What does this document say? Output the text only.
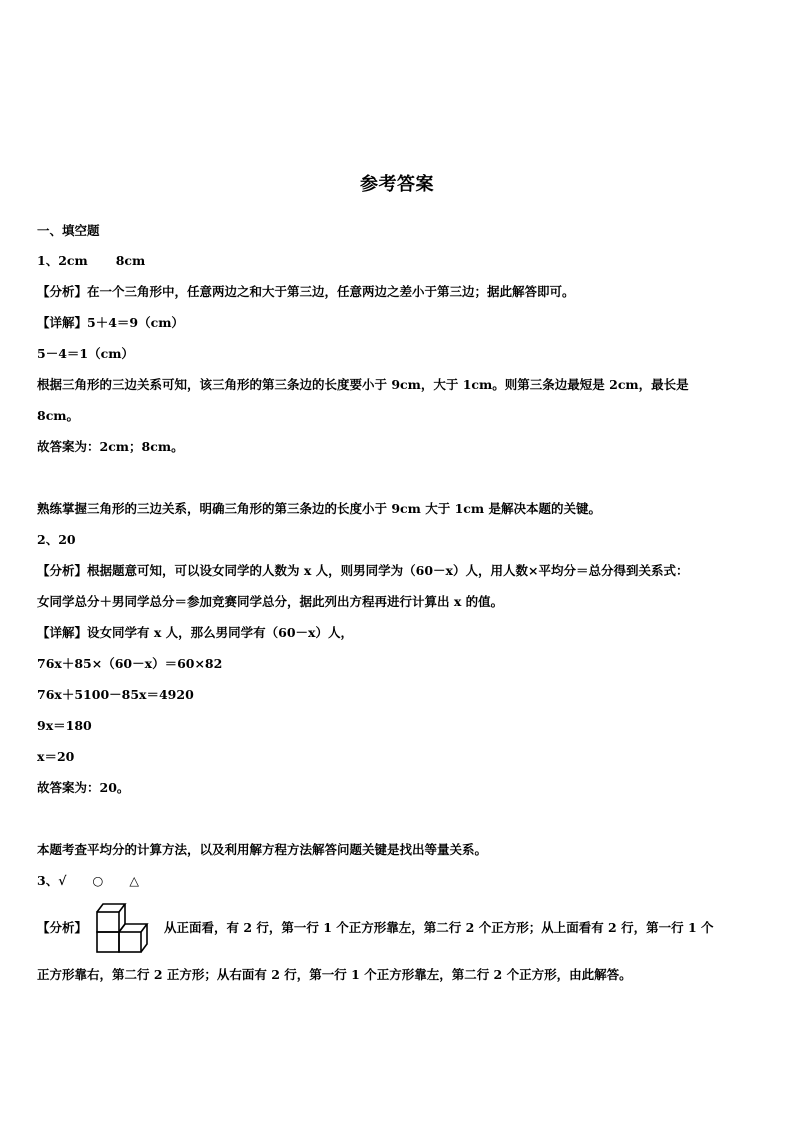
参考答案
一、填空题
1、2cm 8cm
【分析】在一个三角形中，任意两边之和大于第三边，任意两边之差小于第三边；据此解答即可。
【详解】5＋4＝9（cm）
5－4＝1（cm）
根据三角形的三边关系可知，该三角形的第三条边的长度要小于 9cm，大于 1cm。则第三条边最短是 2cm，最长是
8cm。
故答案为：2cm；8cm。
熟练掌握三角形的三边关系，明确三角形的第三条边的长度小于 9cm 大于 1cm 是解决本题的关键。
2、20
【分析】根据题意可知，可以设女同学的人数为 x 人，则男同学为（60－x）人，用人数×平均分＝总分得到关系式：
女同学总分＋男同学总分＝参加竞赛同学总分，据此列出方程再进行计算出 x 的值。
【详解】设女同学有 x 人，那么男同学有（60－x）人，
76x＋85×（60－x）＝60×82
76x＋5100－85x＝4920
9x＝180
x＝20
故答案为：20。
本题考查平均分的计算方法，以及利用解方程方法解答问题关键是找出等量关系。
3、√ ○ △
【分析】	从正面看，有 2 行，第一行 1 个正方形靠左，第二行 2 个正方形；从上面看有 2 行，第一行 1 个
正方形靠右，第二行 2 正方形；从右面有 2 行，第一行 1 个正方形靠左，第二行 2 个正方形，由此解答。
